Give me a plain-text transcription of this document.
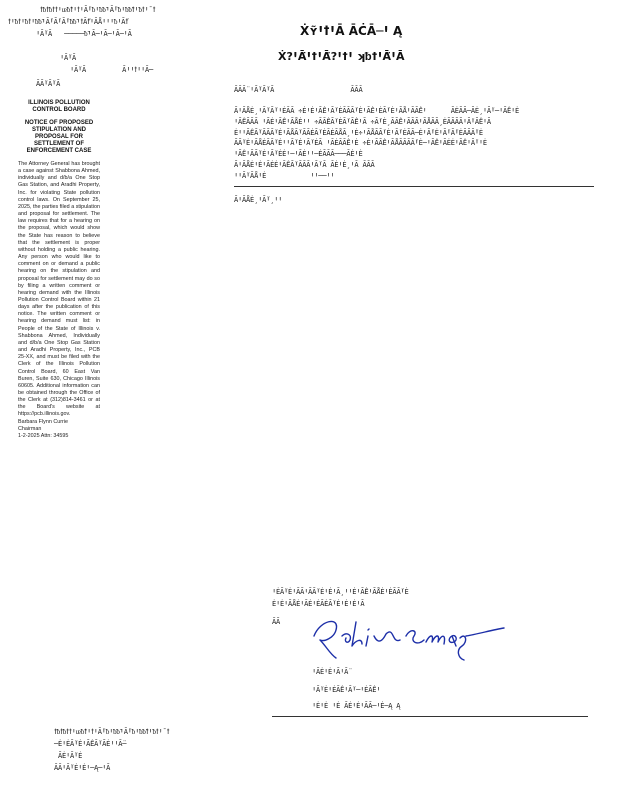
ꝉᵬꝉᵬꝉꝉꞋᵫᵬ̃ꝉꞋꝉꞋĀ̈ꞋᵬꞋᵬᵬ̃ꞋĀ̈ꞋᵬꞋᵬᵬ̃ꝉꞋᵬꝉꞋ¯ꝉ
ꝉꞋᵬꝉꞋᵬꝉꞋᵬᵬ̃ꞋĀ̈ꞋĀ̈ꞋĀ̈Ꞌᵬᵬ̃ꞋꝉĀ̃ꝉꞋĀ̈ĀꞋꞋꞋᵬꞋĀ̈ꝉ
ꞋĀ̈ꞋĀ   ─────ᵬ̃ꞋĀ─ꞋĀ─ꞋĀ─ꞋĀ
ꞋĀ̈ꞋĀ
ꞋĀ̈ꞋĀ         ĀꞋꞋꝉꞋꞋĀ─
ĀĀ̈ꞋĀ̈ꞋĀ
Ẋʏ̃ꞋꝉꞋĀ ĀĊ̂Ā─Ꞌ Ą
Ẋ?ꞋĀ̈ꞋꝉꞋĀ̈?ꞋꝉꞋ ʞᵬꝉꞋĀ̈ꞋĀ
ILLINOIS POLLUTION CONTROL BOARD
NOTICE OF PROPOSED STIPULATION AND PROPOSAL FOR SETTLEMENT OF ENFORCEMENT CASE
The Attorney General has brought a case against Shabbona Ahmed, individually and d/b/a One Stop Gas Station, and Aradhi Property, Inc. for violating State pollution control laws. On September 25, 2025, the parties filed a stipulation and proposal for settlement. The law requires that for a hearing on the proposal, which would show the State has reason to believe that the settlement is proper without holding a public hearing. Any person who would like to comment on or demand a public hearing on the stipulation and proposal for settlement may do so by filing a written comment or hearing demand with the Illinois Pollution Control Board within 21 days after the publication of this notice. The written comment or hearing demand must list: in People of the State of Illinois v. Shabbona Ahmed, Individually and d/b/a One Stop Gas Station and Aradhi Property, Inc., PCB 25-XX, and must be filed with the Clerk of the Illinois Pollution Control Board, 60 East Van Buren, Suite 630, Chicago Illinois 60605. Additional information can be obtained through the Office of the Clerk at (312)814-3461 or at the Board's website at https://pcb.illinois.gov.
Barbara Flynn Currie
Chairman
1-2-2025 Attn: 34595
ĀĀĀ̈ ꞋĀ̈ꞋĀ̈ꞋĀ                   ĀĀĀ
ĀꞋĀ̈ĀĖ¸ꞋĀ̈ꞋĀ̈ꞋꞋĖĀĀ ÷ĖꞋĖꞋĀ̈ĖꞋĀ̈ꞋĖĀĀĀ̈ꞋĖꞋĀ̈ĖꞋĖĀ̈ꞋĖꞋĀ̈ĀꞋĀĀ̈ĖꞋ      ĀĖĀĀ─ĀĖ¸ꞋĀ̈Ꞌ─ꞋĀ̈ĖꞋĖ
ꞋĀ̈ĖĀĀĀ ꞋĀĖꞋĀ̈ĖꞋĀ̈ĀĖꞋꞋ ÷ĀĀ̈ĖĀ̈ꞋĖĀ̈ꞋĀ̈ĖꞋĀ ÷Ā̈ꞋĖ¸ĀĀ̈ĖꞋĀĀĀꞋĀ̈ĀĀĀ¸ĖĀĀĀĀꞋĀ̈ꞋĀ̈ĖꞋĀ
ĖꞋꞋĀ̈ĖĀ̈ꞋĀĀĀ̈ꞋĖꞋĀ̈ĀĀ̈ꞋĀĀĖĀ̈ꞋĖĀĖĀ̈ĀĀ¸ꞋĖ÷ꞋĀ̈ĀĀĀ̈ꞋĖꞋĀ̈ꞋĖĀĀ─ĖꞋĀ̈ꞋĖꞋĀ̈ꞋĀ̈ꞋĖĀĀĀ̈ꞋĖ
ĀĀ̈ꞋĖꞋĀ̈ĀĖĀĀ̈ꞋĖꞋꞋĀ̈ꞋĖꞋĀ̈ꞋĖĀ ꞋĀĖĀĀ̈ĖꞋĖ ÷ĖꞋĀĀ̈ĖꞋĀ̈ĀĀĀĀĀ̈ꞋĖ─ꞋĀ̈ĖꞋĀĖĖꞋĀ̈ĖꞋĀ̈ꞋꞋĖ
ꞋĀ̈ĖꞋĀĀ̈ꞋĖꞋĀ̈ꞋĖĖꞋ─ꞋĀĖꞋꞋ─ĖĀĀĀ───ĀĖꞋĖ
ĀꞋĀ̈ĀĖꞋĖꞋĀĖĖꞋĀ̈ĖĀ̈ꞋĀĀĀꞋĀ̈ꞋĀ ĀĖꞋĖ¸ꞋĀ ĀĀĀ
ꞋꞋĀ̈ꞋĀ̈ĀꞋĖ           ꞋꞋ──ꞋꞋ
ĀꞋĀ̈ĀĖ¸ꞋĀ̈Ꞌ¸ꞋꞋ
ꞋĖĀ̈ꞋĖꞋĀĀꞋĀĀ̈ꞋĖꞋĖꞋĀ¸ꞋꞋĖꞋĀ̈ĖꞋĀ̈ĀĖꞋĖĀĀ̈ꞋĖ
ĖꞋĖꞋĀ̈ĀĖꞋĀĖꞋĖĀĖĀ̈ꞋĖꞋĖꞋĖꞋĀ
ĀĀ
ꞋĀĖꞋĖꞋĀꞋĀ̈
ꞋĀ̈ꞋĖꞋĖĀ̈ĖꞋĀ̈Ꞌ─ꞋĖĀ̈ĖꞋ
ꞋĖꞋĖ ꞋĖ ĀĖꞋĖꞋĀĀ─ꞋĖ─Ą Ą
ꝉᵬꝉᵬꝉꝉꞋᵫᵬ̃ꝉꞋꝉꞋĀ̈ꞋᵬꞋᵬᵬ̃ꞋĀ̈ꞋᵬꞋᵬᵬ̃ꝉꞋᵬꝉꞋ¯ꝉ
─ĖꞋĖĀ̈ꞋĖꞋĀ̈ĖĀ̈ꞋĀĖꞋꞋĀ̈─
ĀĖꞋĀ̈ꞋĖ
ĀĀꞋĀ̈ꞋĖꞋĖꞋ─Ą─ꞋĀ
